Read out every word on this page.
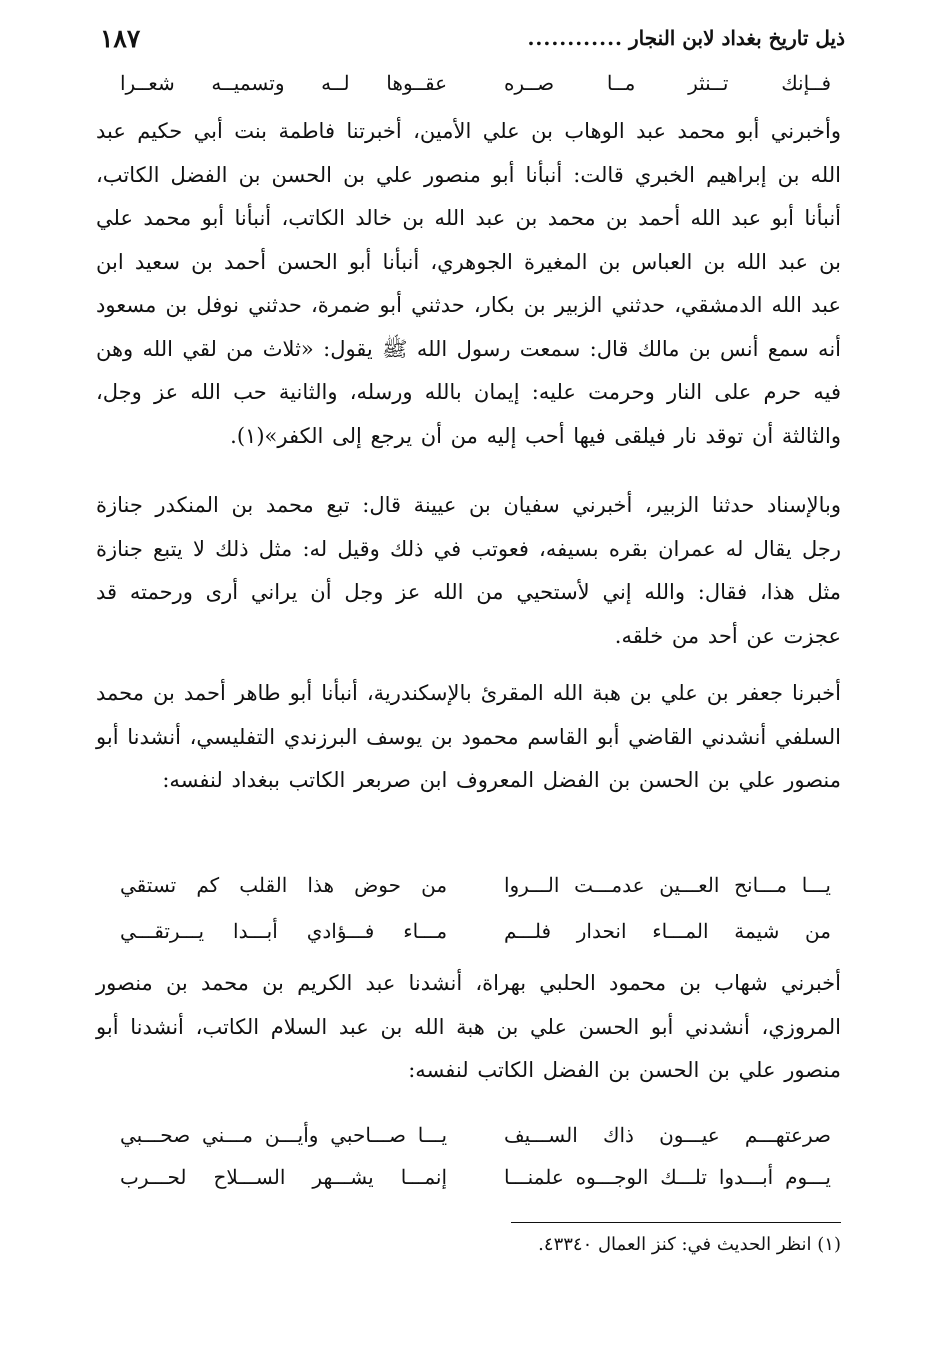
ذيل تاريخ بغداد لابن النجار
............
١٨٧
فــإنك تــنثر مــا صــره
عقــوها لــه وتسميــه شعــرا

وأخبرني أبو محمد عبد الوهاب بن علي الأمين، أخبرتنا فاطمة بنت أبي حكيم عبد الله بن إبراهيم الخبري قالت: أنبأنا أبو منصور علي بن الحسن بن الفضل الكاتب، أنبأنا أبو عبد الله أحمد بن محمد بن عبد الله بن خالد الكاتب، أنبأنا أبو محمد علي بن عبد الله بن العباس بن المغيرة الجوهري، أنبأنا أبو الحسن أحمد بن سعيد ابن عبد الله الدمشقي، حدثني الزبير بن بكار، حدثني أبو ضمرة، حدثني نوفل بن مسعود أنه سمع أنس بن مالك قال: سمعت رسول الله ﷺ يقول: «ثلاث من لقي الله وهن فيه حرم على النار وحرمت عليه: إيمان بالله ورسله، والثانية حب الله عز وجل، والثالثة أن توقد نار فيلقى فيها أحب إليه من أن يرجع إلى الكفر»(١).

وبالإسناد حدثنا الزبير، أخبرني سفيان بن عيينة قال: تبع محمد بن المنكدر جنازة رجل يقال له عمران بقره بسيفه، فعوتب في ذلك وقيل له: مثل ذلك لا يتبع جنازة مثل هذا، فقال: والله إني لأستحيي من الله عز وجل أن يراني أرى ورحمته قد عجزت عن أحد من خلقه.

أخبرنا جعفر بن علي بن هبة الله المقرئ بالإسكندرية، أنبأنا أبو طاهر أحمد بن محمد السلفي أنشدني القاضي أبو القاسم محمود بن يوسف البرزندي التفليسي، أنشدنا أبو منصور علي بن الحسن بن الفضل المعروف ابن صربعر الكاتب ببغداد لنفسه:

يـــا مـــانح العـــين عدمـــت الـــروا
من حوض هذا القلب كم تستقي
من شيمة المـــاء انحدار فلـــم
مـــاء فـــؤادي أبـــدا يـــرتقـــي

أخبرني شهاب بن محمود الحلبي بهراة، أنشدنا عبد الكريم بن محمد بن منصور المروزي، أنشدني أبو الحسن علي بن هبة الله بن عبد السلام الكاتب، أنشدنا أبو منصور علي بن الحسن بن الفضل الكاتب لنفسه:

صرعتهـــم عيـــون ذاك الســـيف
يـــا صـــاحبي وأيـــن مـــني صحـــبي
يـــوم أبـــدوا تلـــك الوجـــوه علمنـــا
إنمـــا يشـــهر الســـلاح لحـــرب
(١) انظر الحديث في: كنز العمال ٤٣٣٤٠.
